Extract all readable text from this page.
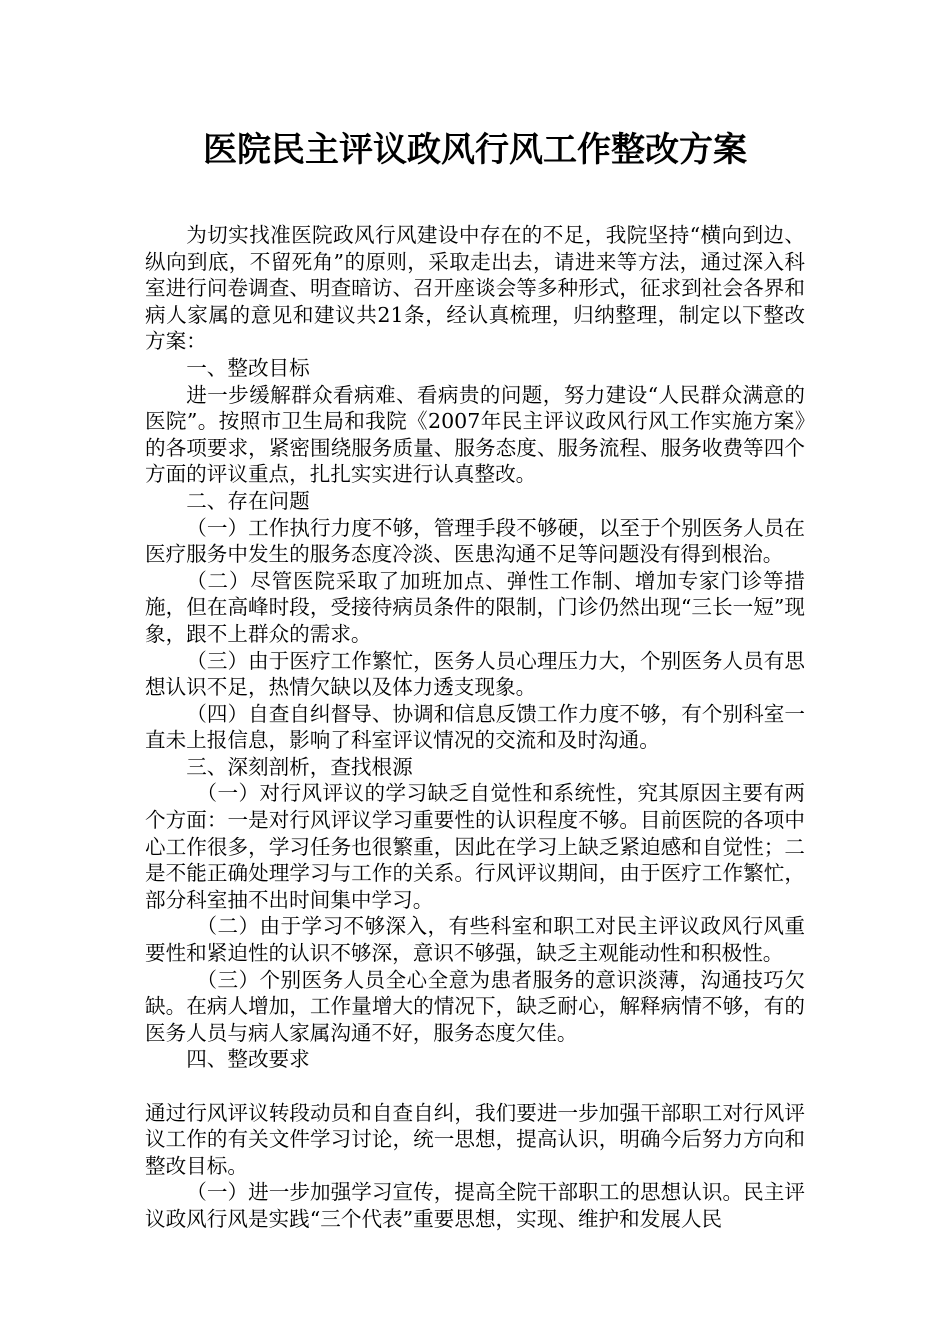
医院民主评议政风行风工作整改方案

为切实找准医院政风行风建设中存在的不足，我院坚持“横向到边、纵向到底，不留死角”的原则，采取走出去，请进来等方法，通过深入科室进行问卷调查、明查暗访、召开座谈会等多种形式，征求到社会各界和病人家属的意见和建议共21条，经认真梳理，归纳整理，制定以下整改方案：

一、整改目标

进一步缓解群众看病难、看病贵的问题，努力建设“人民群众满意的医院”。按照市卫生局和我院《2007年民主评议政风行风工作实施方案》的各项要求，紧密围绕服务质量、服务态度、服务流程、服务收费等四个方面的评议重点，扎扎实实进行认真整改。

二、存在问题

（一）工作执行力度不够，管理手段不够硬，以至于个别医务人员在医疗服务中发生的服务态度冷淡、医患沟通不足等问题没有得到根治。

（二）尽管医院采取了加班加点、弹性工作制、增加专家门诊等措施，但在高峰时段，受接待病员条件的限制，门诊仍然出现“三长一短”现象，跟不上群众的需求。

（三）由于医疗工作繁忙，医务人员心理压力大，个别医务人员有思想认识不足，热情欠缺以及体力透支现象。

（四）自查自纠督导、协调和信息反馈工作力度不够，有个别科室一直未上报信息，影响了科室评议情况的交流和及时沟通。

三、深刻剖析，查找根源

（一）对行风评议的学习缺乏自觉性和系统性，究其原因主要有两个方面：一是对行风评议学习重要性的认识程度不够。目前医院的各项中心工作很多，学习任务也很繁重，因此在学习上缺乏紧迫感和自觉性；二是不能正确处理学习与工作的关系。行风评议期间，由于医疗工作繁忙，部分科室抽不出时间集中学习。

（二）由于学习不够深入，有些科室和职工对民主评议政风行风重要性和紧迫性的认识不够深，意识不够强，缺乏主观能动性和积极性。

（三）个别医务人员全心全意为患者服务的意识淡薄，沟通技巧欠缺。在病人增加，工作量增大的情况下，缺乏耐心，解释病情不够，有的医务人员与病人家属沟通不好，服务态度欠佳。

四、整改要求

通过行风评议转段动员和自查自纠，我们要进一步加强干部职工对行风评议工作的有关文件学习讨论，统一思想，提高认识，明确今后努力方向和整改目标。

（一）进一步加强学习宣传，提高全院干部职工的思想认识。民主评议政风行风是实践“三个代表”重要思想，实现、维护和发展人民
